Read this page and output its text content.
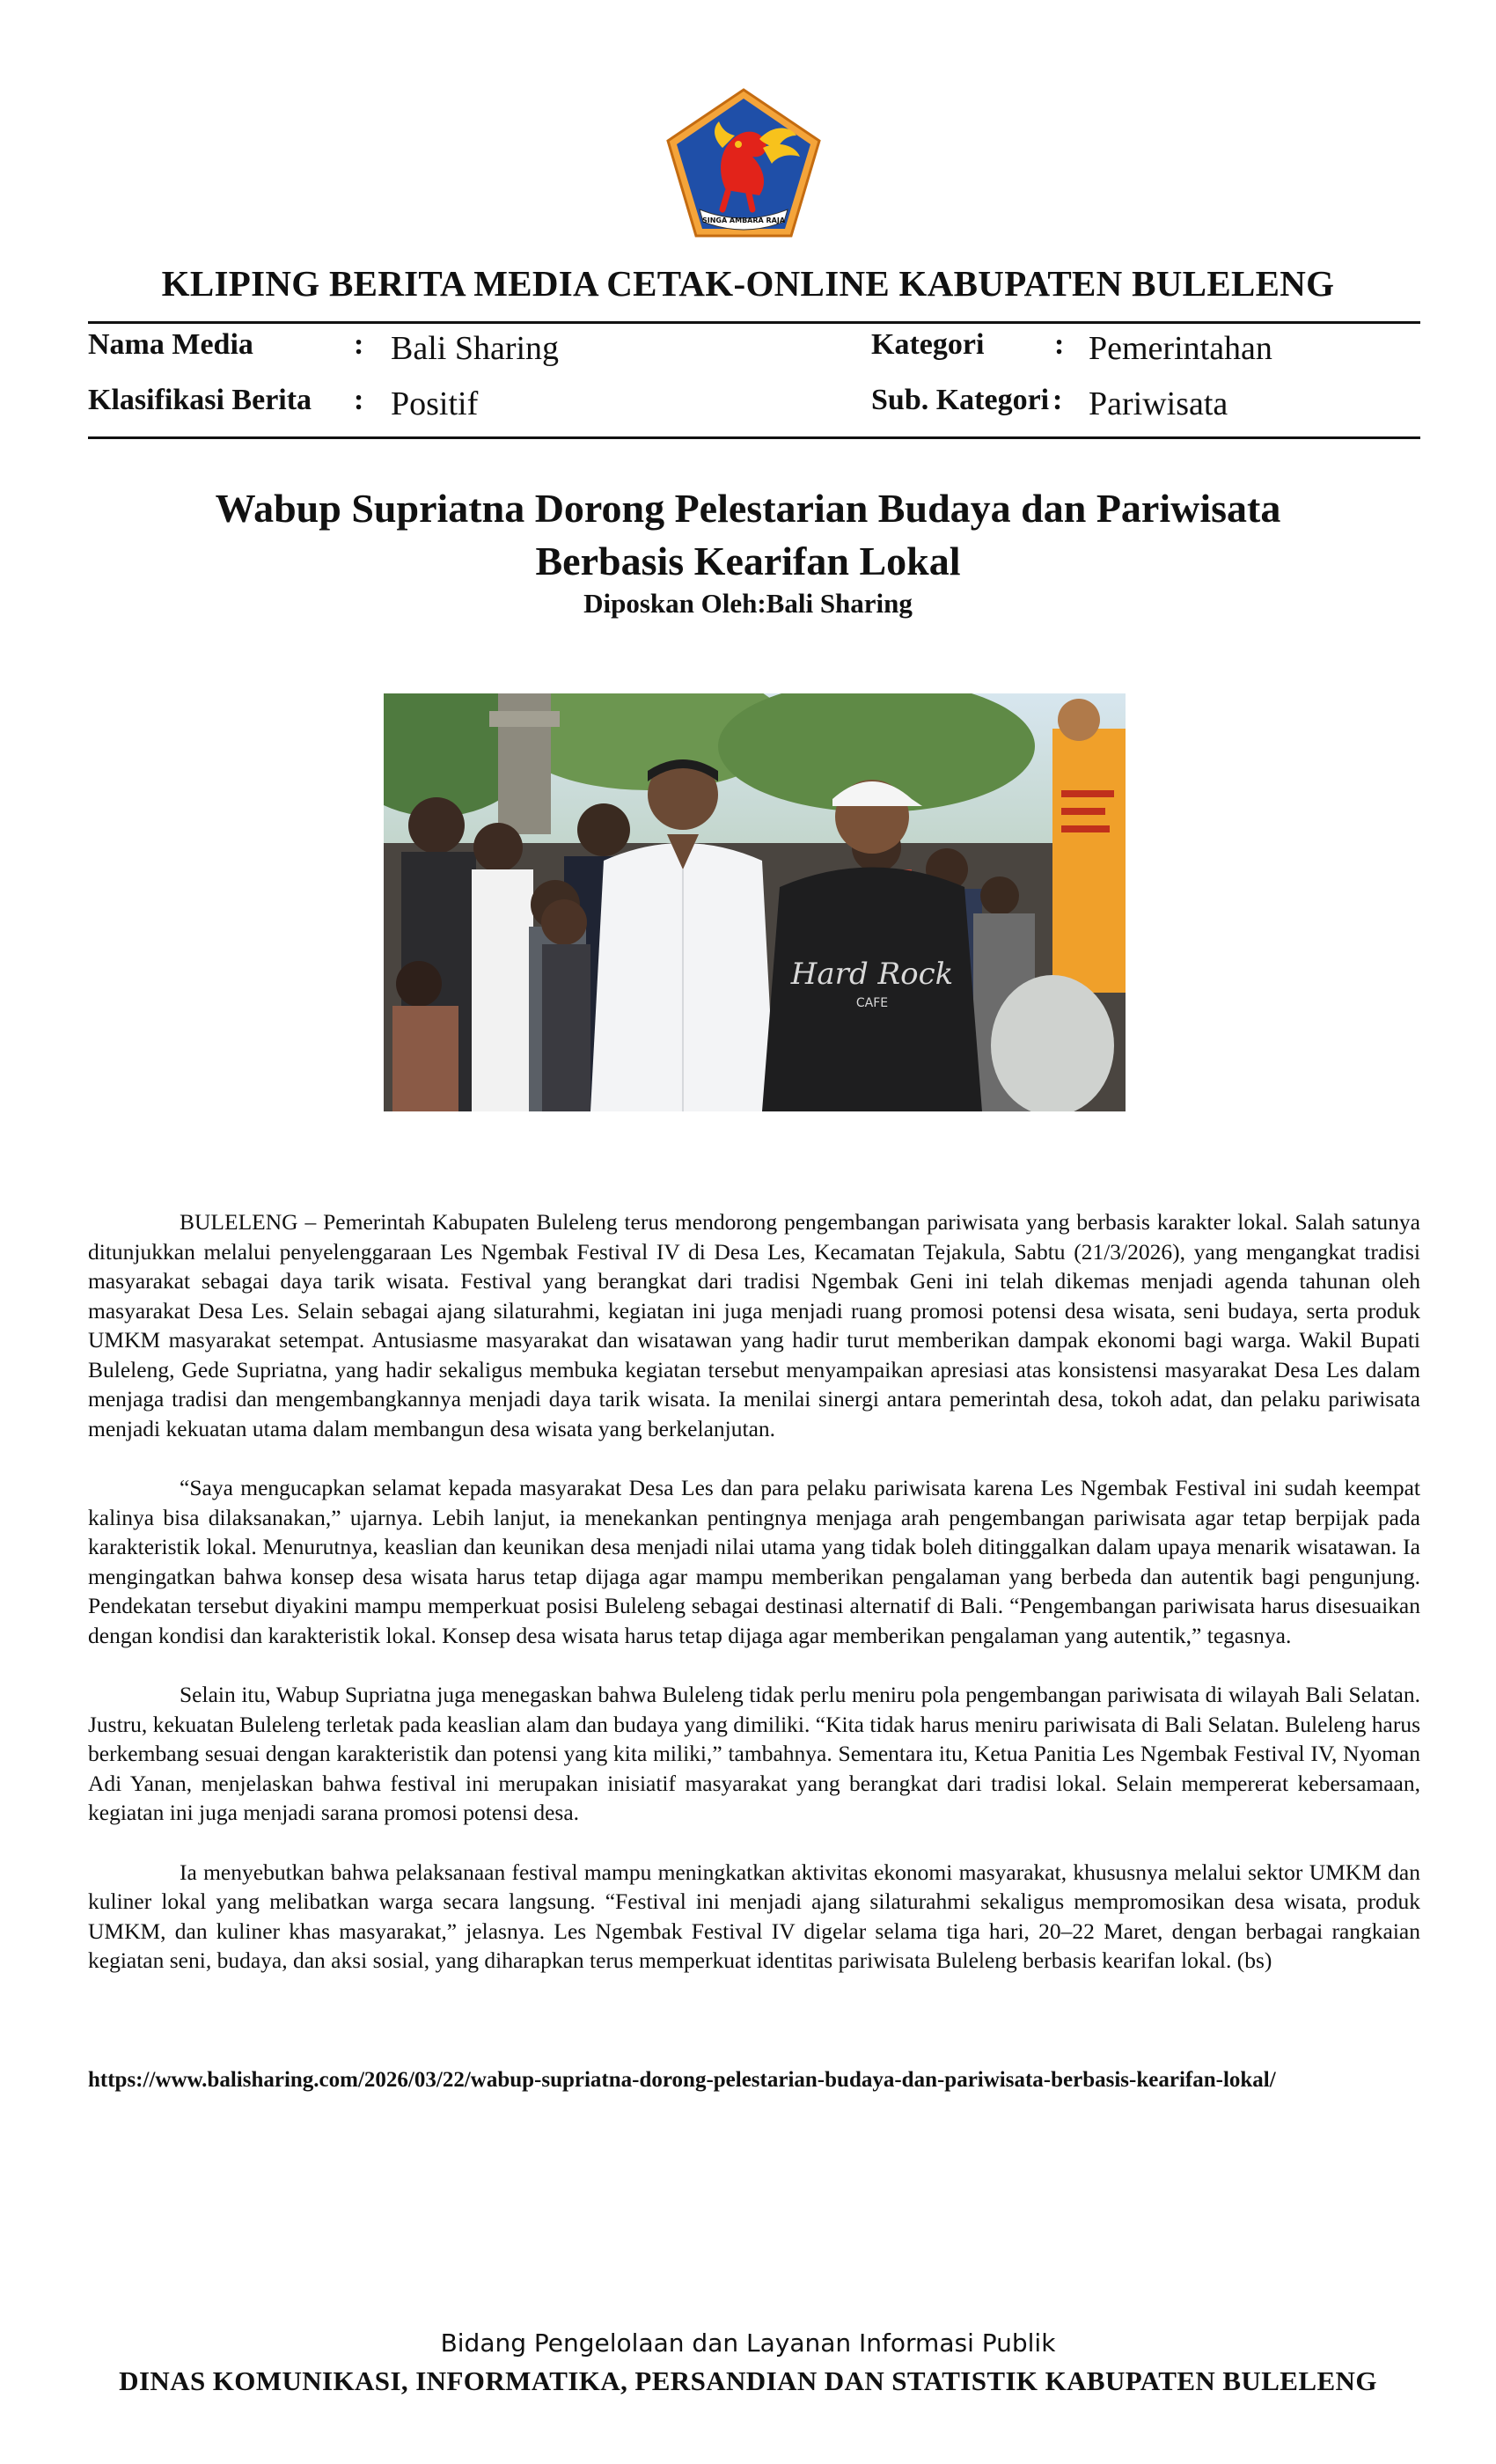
SINGA AMBARA RAJA
KLIPING BERITA MEDIA CETAK-ONLINE KABUPATEN BULELENG
Nama Media	: Bali Sharing	Kategori : Pemerintahan
Klasifikasi Berita : Positif	Sub. Kategori : Pariwisata
Wabup Supriatna Dorong Pelestarian Budaya dan Pariwisata
Berbasis Kearifan Lokal
Diposkan Oleh:Bali Sharing
Hard Rock
CAFE

BULELENG – Pemerintah Kabupaten Buleleng terus mendorong pengembangan pariwisata yang berbasis karakter lokal. Salah satunya ditunjukkan melalui penyelenggaraan Les Ngembak Festival IV di Desa Les, Kecamatan Tejakula, Sabtu (21/3/2026), yang mengangkat tradisi masyarakat sebagai daya tarik wisata. Festival yang berangkat dari tradisi Ngembak Geni ini telah dikemas menjadi agenda tahunan oleh masyarakat Desa Les. Selain sebagai ajang silaturahmi, kegiatan ini juga menjadi ruang promosi potensi desa wisata, seni budaya, serta produk UMKM masyarakat setempat. Antusiasme masyarakat dan wisatawan yang hadir turut memberikan dampak ekonomi bagi warga. Wakil Bupati Buleleng, Gede Supriatna, yang hadir sekaligus membuka kegiatan tersebut menyampaikan apresiasi atas konsistensi masyarakat Desa Les dalam menjaga tradisi dan mengembangkannya menjadi daya tarik wisata. Ia menilai sinergi antara pemerintah desa, tokoh adat, dan pelaku pariwisata menjadi kekuatan utama dalam membangun desa wisata yang berkelanjutan.

“Saya mengucapkan selamat kepada masyarakat Desa Les dan para pelaku pariwisata karena Les Ngembak Festival ini sudah keempat kalinya bisa dilaksanakan,” ujarnya. Lebih lanjut, ia menekankan pentingnya menjaga arah pengembangan pariwisata agar tetap berpijak pada karakteristik lokal. Menurutnya, keaslian dan keunikan desa menjadi nilai utama yang tidak boleh ditinggalkan dalam upaya menarik wisatawan. Ia mengingatkan bahwa konsep desa wisata harus tetap dijaga agar mampu memberikan pengalaman yang berbeda dan autentik bagi pengunjung. Pendekatan tersebut diyakini mampu memperkuat posisi Buleleng sebagai destinasi alternatif di Bali. “Pengembangan pariwisata harus disesuaikan dengan kondisi dan karakteristik lokal. Konsep desa wisata harus tetap dijaga agar memberikan pengalaman yang autentik,” tegasnya.

Selain itu, Wabup Supriatna juga menegaskan bahwa Buleleng tidak perlu meniru pola pengembangan pariwisata di wilayah Bali Selatan. Justru, kekuatan Buleleng terletak pada keaslian alam dan budaya yang dimiliki. “Kita tidak harus meniru pariwisata di Bali Selatan. Buleleng harus berkembang sesuai dengan karakteristik dan potensi yang kita miliki,” tambahnya. Sementara itu, Ketua Panitia Les Ngembak Festival IV, Nyoman Adi Yanan, menjelaskan bahwa festival ini merupakan inisiatif masyarakat yang berangkat dari tradisi lokal. Selain mempererat kebersamaan, kegiatan ini juga menjadi sarana promosi potensi desa.

Ia menyebutkan bahwa pelaksanaan festival mampu meningkatkan aktivitas ekonomi masyarakat, khususnya melalui sektor UMKM dan kuliner lokal yang melibatkan warga secara langsung. “Festival ini menjadi ajang silaturahmi sekaligus mempromosikan desa wisata, produk UMKM, dan kuliner khas masyarakat,” jelasnya. Les Ngembak Festival IV digelar selama tiga hari, 20–22 Maret, dengan berbagai rangkaian kegiatan seni, budaya, dan aksi sosial, yang diharapkan terus memperkuat identitas pariwisata Buleleng berbasis kearifan lokal. (bs)

https://www.balisharing.com/2026/03/22/wabup-supriatna-dorong-pelestarian-budaya-dan-pariwisata-berbasis-kearifan-lokal/
Bidang Pengelolaan dan Layanan Informasi Publik
DINAS KOMUNIKASI, INFORMATIKA, PERSANDIAN DAN STATISTIK KABUPATEN BULELENG
